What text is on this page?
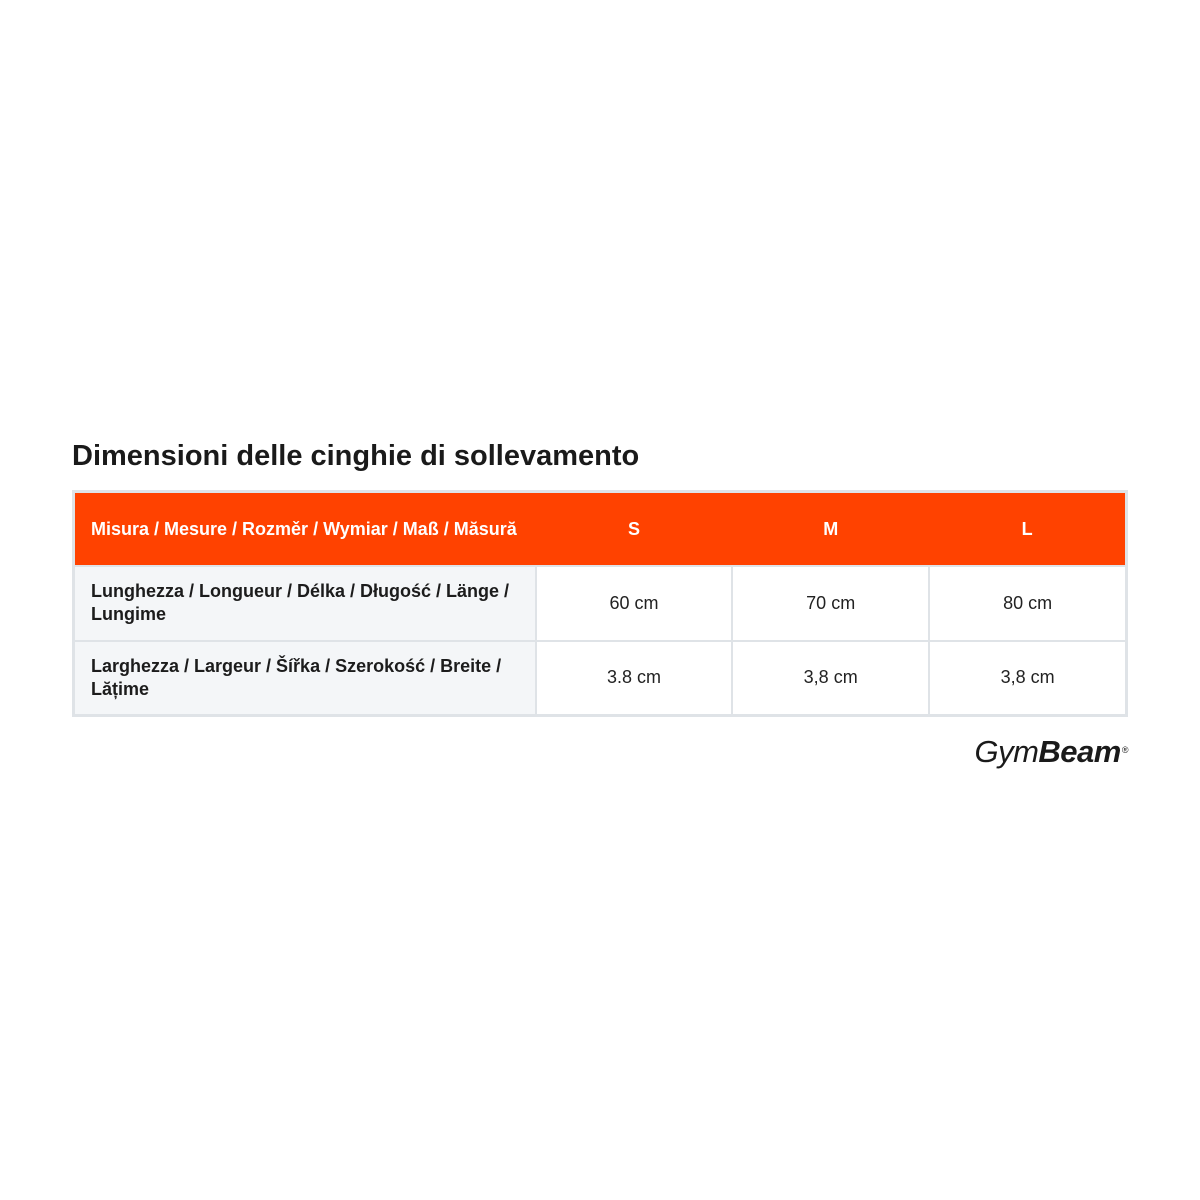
Dimensioni delle cinghie di sollevamento
Misura / Mesure / Rozměr / Wymiar / Maß / Măsură	S	M	L
Lunghezza / Longueur / Délka / Długość / Länge / Lungime	60 cm	70 cm	80 cm
Larghezza / Largeur / Šířka / Szerokość / Breite / Lățime	3.8 cm	3,8 cm	3,8 cm
GymBeam®
